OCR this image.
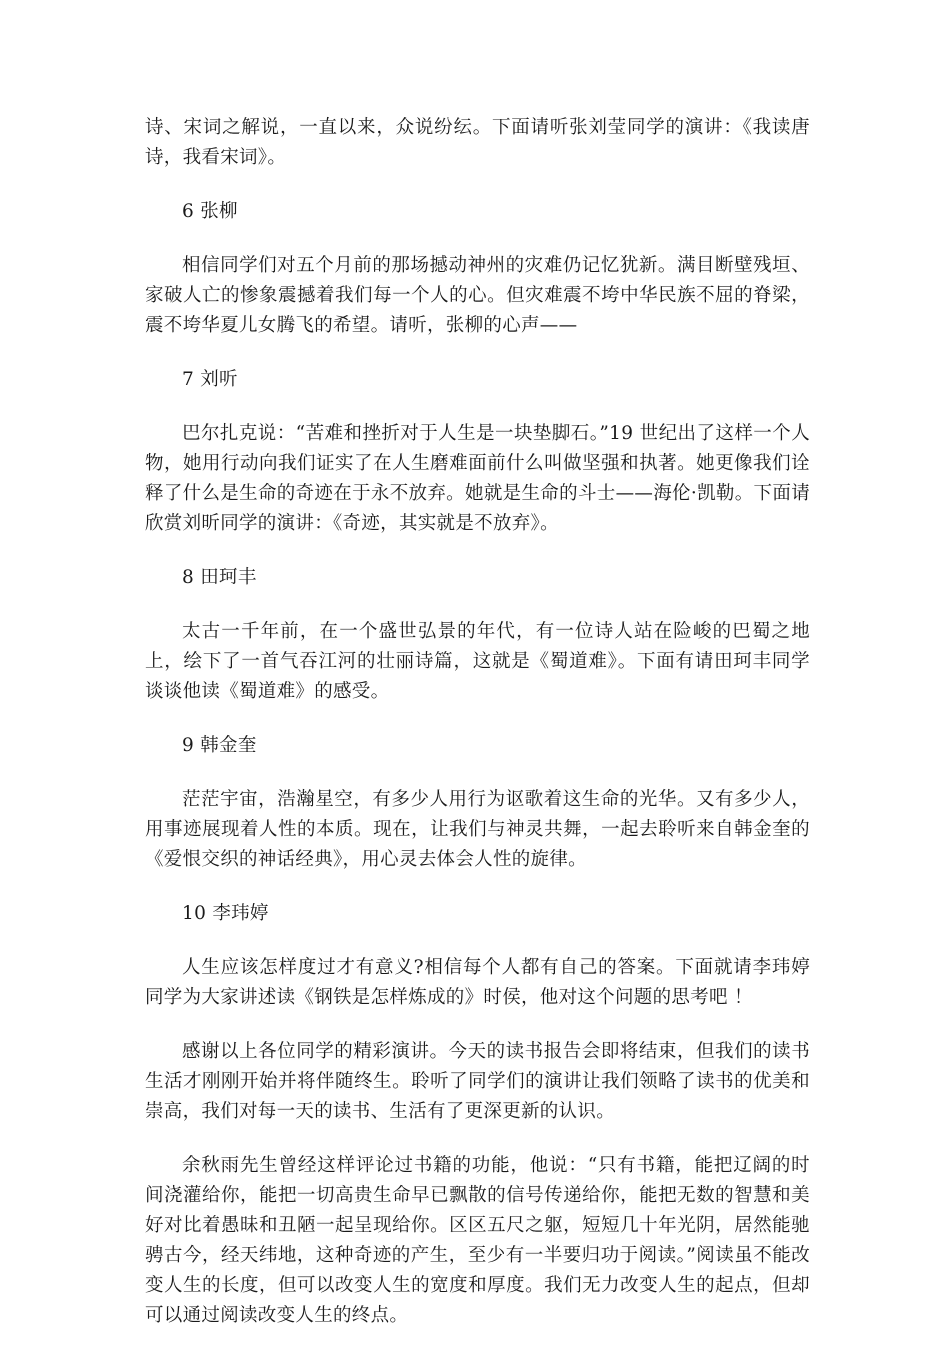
诗、宋词之解说，一直以来，众说纷纭。下面请听张刘莹同学的演讲：《我读唐诗，我看宋词》。

6 张柳

相信同学们对五个月前的那场撼动神州的灾难仍记忆犹新。满目断壁残垣、家破人亡的惨象震撼着我们每一个人的心。但灾难震不垮中华民族不屈的脊梁，震不垮华夏儿女腾飞的希望。请听，张柳的心声——

7 刘听

巴尔扎克说：“苦难和挫折对于人生是一块垫脚石。”19 世纪出了这样一个人物，她用行动向我们证实了在人生磨难面前什么叫做坚强和执著。她更像我们诠释了什么是生命的奇迹在于永不放弃。她就是生命的斗士——海伦·凯勒。下面请欣赏刘昕同学的演讲：《奇迹，其实就是不放弃》。

8 田珂丰

太古一千年前，在一个盛世弘景的年代，有一位诗人站在险峻的巴蜀之地上，绘下了一首气吞江河的壮丽诗篇，这就是《蜀道难》。下面有请田珂丰同学谈谈他读《蜀道难》的感受。

9 韩金奎

茫茫宇宙，浩瀚星空，有多少人用行为讴歌着这生命的光华。又有多少人，用事迹展现着人性的本质。现在，让我们与神灵共舞，一起去聆听来自韩金奎的《爱恨交织的神话经典》，用心灵去体会人性的旋律。

10 李玮婷

人生应该怎样度过才有意义?相信每个人都有自己的答案。下面就请李玮婷同学为大家讲述读《钢铁是怎样炼成的》时侯，他对这个问题的思考吧 ！

感谢以上各位同学的精彩演讲。今天的读书报告会即将结束，但我们的读书生活才刚刚开始并将伴随终生。聆听了同学们的演讲让我们领略了读书的优美和崇高，我们对每一天的读书、生活有了更深更新的认识。

余秋雨先生曾经这样评论过书籍的功能，他说：“只有书籍，能把辽阔的时间浇灌给你，能把一切高贵生命早已飘散的信号传递给你，能把无数的智慧和美好对比着愚昧和丑陋一起呈现给你。区区五尺之躯，短短几十年光阴，居然能驰骋古今，经天纬地，这种奇迹的产生，至少有一半要归功于阅读。”阅读虽不能改变人生的长度，但可以改变人生的宽度和厚度。我们无力改变人生的起点，但却可以通过阅读改变人生的终点。
